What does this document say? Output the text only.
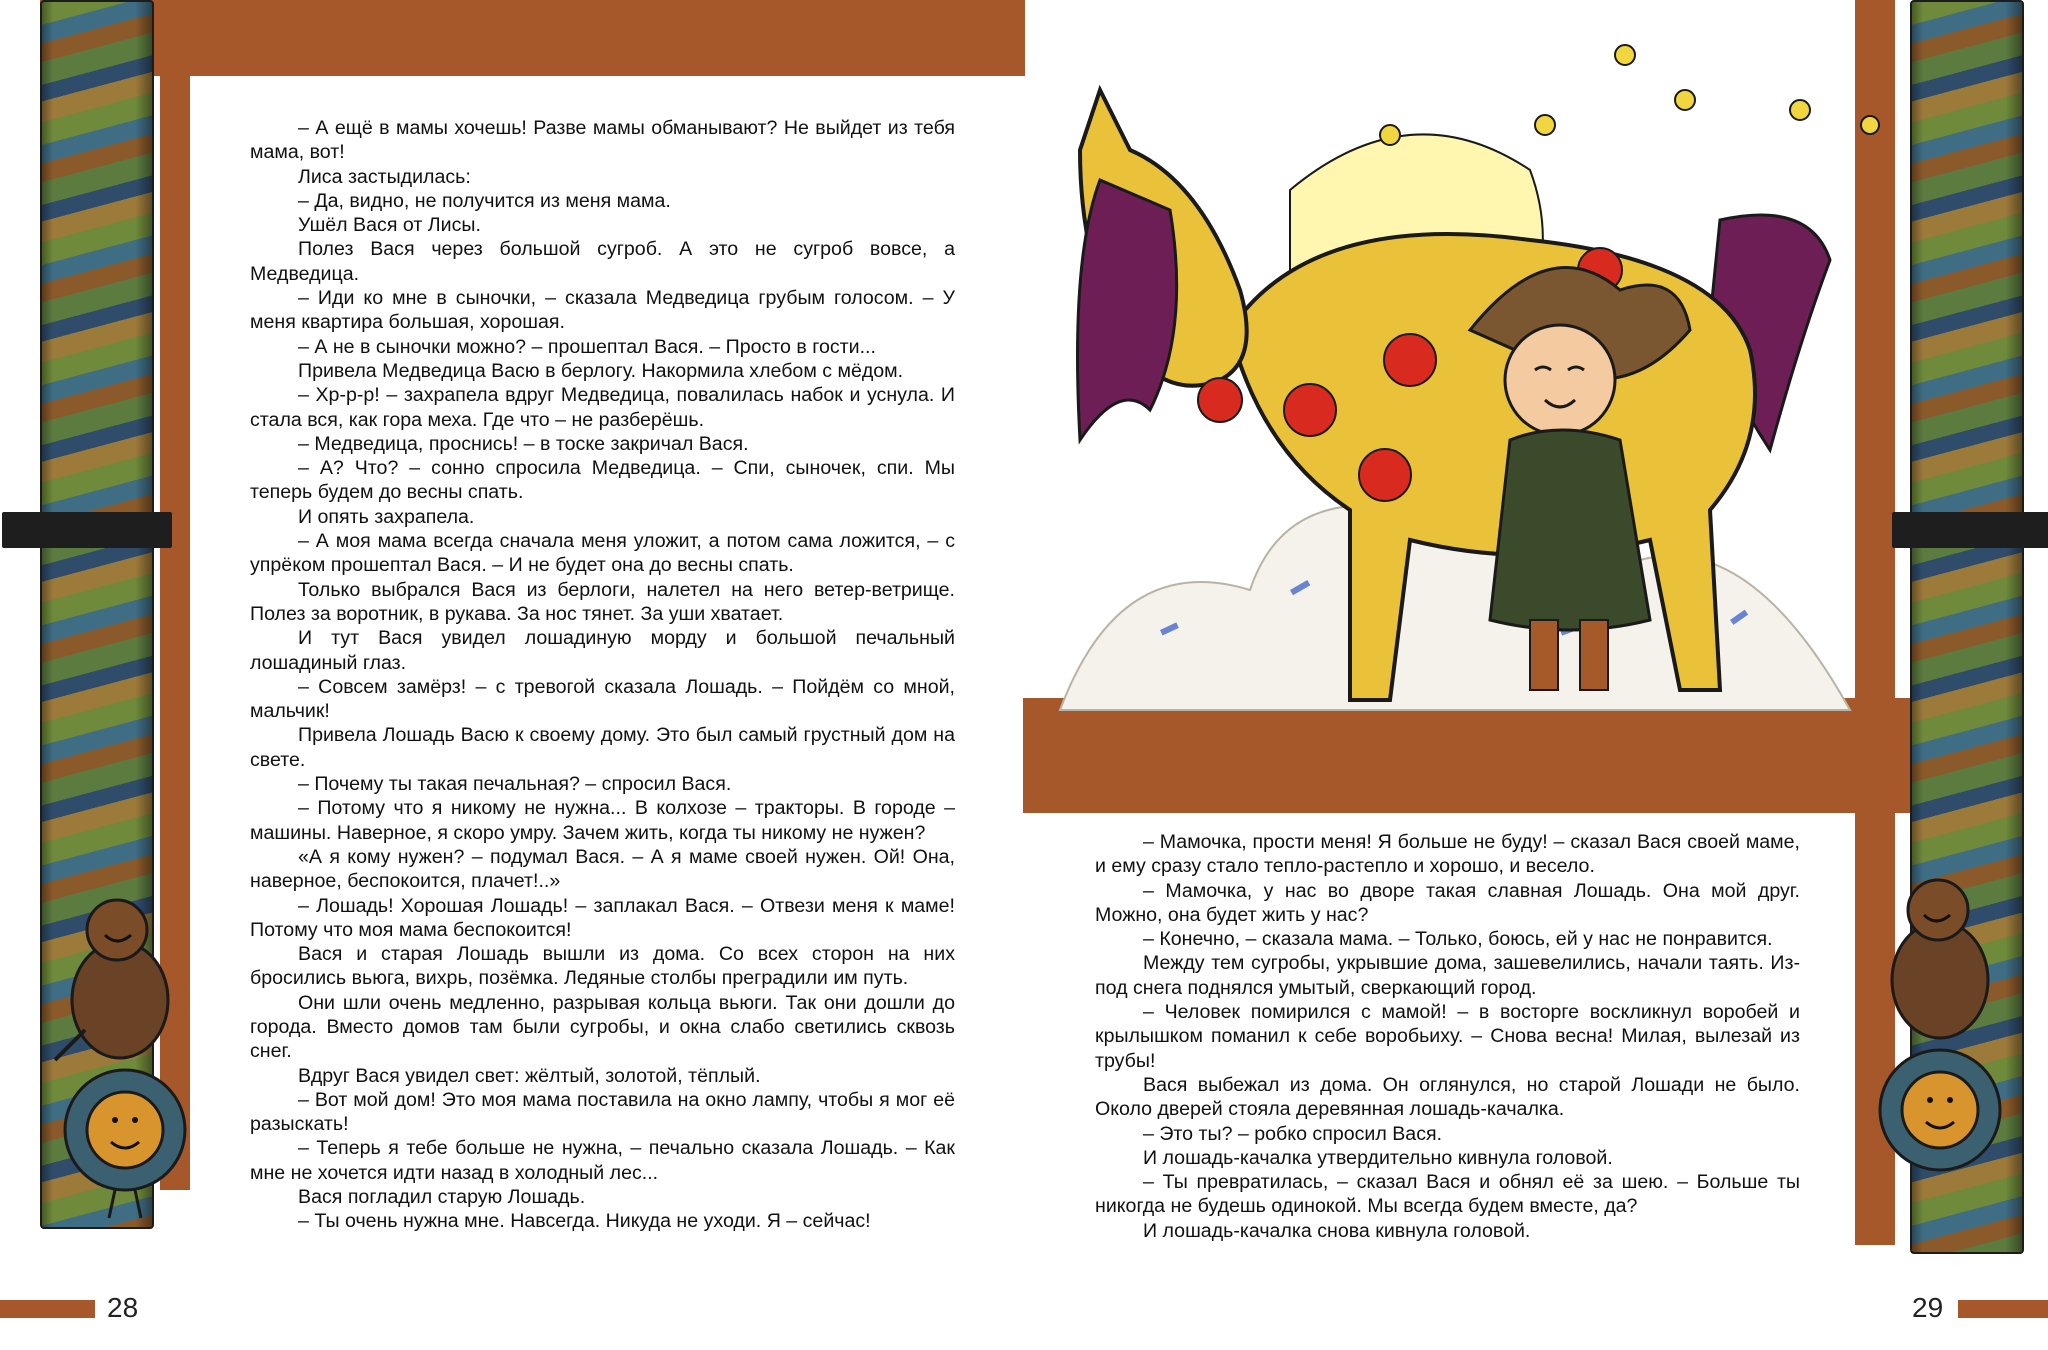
– А ещё в мамы хочешь! Разве мамы обманывают? Не выйдет из тебя мама, вот!

Лиса застыдилась:

– Да, видно, не получится из меня мама.

Ушёл Вася от Лисы.

Полез Вася через большой сугроб. А это не сугроб вовсе, а Медведица.

– Иди ко мне в сыночки, – сказала Медведица грубым голосом. – У меня квартира большая, хорошая.

– А не в сыночки можно? – прошептал Вася. – Просто в гости...

Привела Медведица Васю в берлогу. Накормила хлебом с мёдом.

– Хр-р-р! – захрапела вдруг Медведица, повалилась набок и уснула. И стала вся, как гора меха. Где что – не разберёшь.

– Медведица, проснись! – в тоске закричал Вася.

– А? Что? – сонно спросила Медведица. – Спи, сыночек, спи. Мы теперь будем до весны спать.

И опять захрапела.

– А моя мама всегда сначала меня уложит, а потом сама ложится, – с упрёком прошептал Вася. – И не будет она до весны спать.

Только выбрался Вася из берлоги, налетел на него ветер-ветрище. Полез за воротник, в рукава. За нос тянет. За уши хватает.

И тут Вася увидел лошадиную морду и большой печальный лошадиный глаз.

– Совсем замёрз! – с тревогой сказала Лошадь. – Пойдём со мной, мальчик!

Привела Лошадь Васю к своему дому. Это был самый грустный дом на свете.

– Почему ты такая печальная? – спросил Вася.

– Потому что я никому не нужна... В колхозе – тракторы. В городе – машины. Наверное, я скоро умру. Зачем жить, когда ты никому не нужен?

«А я кому нужен? – подумал Вася. – А я маме своей нужен. Ой! Она, наверное, беспокоится, плачет!..»

– Лошадь! Хорошая Лошадь! – заплакал Вася. – Отвези меня к маме! Потому что моя мама беспокоится!

Вася и старая Лошадь вышли из дома. Со всех сторон на них бросились вьюга, вихрь, позёмка. Ледяные столбы преградили им путь.

Они шли очень медленно, разрывая кольца вьюги. Так они дошли до города. Вместо домов там были сугробы, и окна слабо светились сквозь снег.

Вдруг Вася увидел свет: жёлтый, золотой, тёплый.

– Вот мой дом! Это моя мама поставила на окно лампу, чтобы я мог её разыскать!

– Теперь я тебе больше не нужна, – печально сказала Лошадь. – Как мне не хочется идти назад в холодный лес...

Вася погладил старую Лошадь.

– Ты очень нужна мне. Навсегда. Никуда не уходи. Я – сейчас!

– Мамочка, прости меня! Я больше не буду! – сказал Вася своей маме, и ему сразу стало тепло-растепло и хорошо, и весело.

– Мамочка, у нас во дворе такая славная Лошадь. Она мой друг. Можно, она будет жить у нас?

– Конечно, – сказала мама. – Только, боюсь, ей у нас не понравится.

Между тем сугробы, укрывшие дома, зашевелились, начали таять. Из-под снега поднялся умытый, сверкающий город.

– Человек помирился с мамой! – в восторге воскликнул воробей и крылышком поманил к себе воробьиху. – Снова весна! Милая, вылезай из трубы!

Вася выбежал из дома. Он оглянулся, но старой Лошади не было. Около дверей стояла деревянная лошадь-качалка.

– Это ты? – робко спросил Вася.

И лошадь-качалка утвердительно кивнула головой.

– Ты превратилась, – сказал Вася и обнял её за шею. – Больше ты никогда не будешь одинокой. Мы всегда будем вместе, да?

И лошадь-качалка снова кивнула головой.

28	29
